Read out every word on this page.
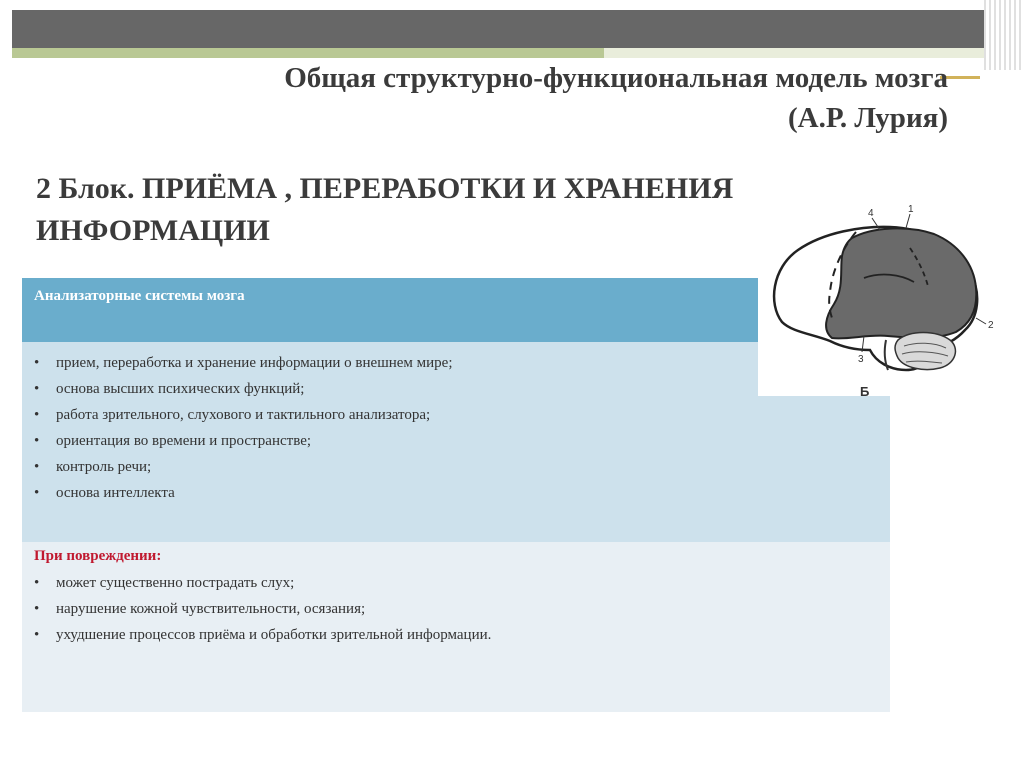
Общая структурно-функциональная модель мозга (А.Р. Лурия)
2 Блок. ПРИЁМА , ПЕРЕРАБОТКИ И ХРАНЕНИЯ ИНФОРМАЦИИ
Анализаторные системы мозга
• прием, переработка и хранение информации о внешнем мире;
• основа высших психических функций;
• работа зрительного, слухового и тактильного анализатора;
• ориентация во времени и пространстве;
• контроль речи;
• основа интеллекта
При повреждении:
• может существенно пострадать слух;
• нарушение кожной чувствительности, осязания;
• ухудшение процессов приёма и обработки зрительной информации.
4	1
2
3
Б
